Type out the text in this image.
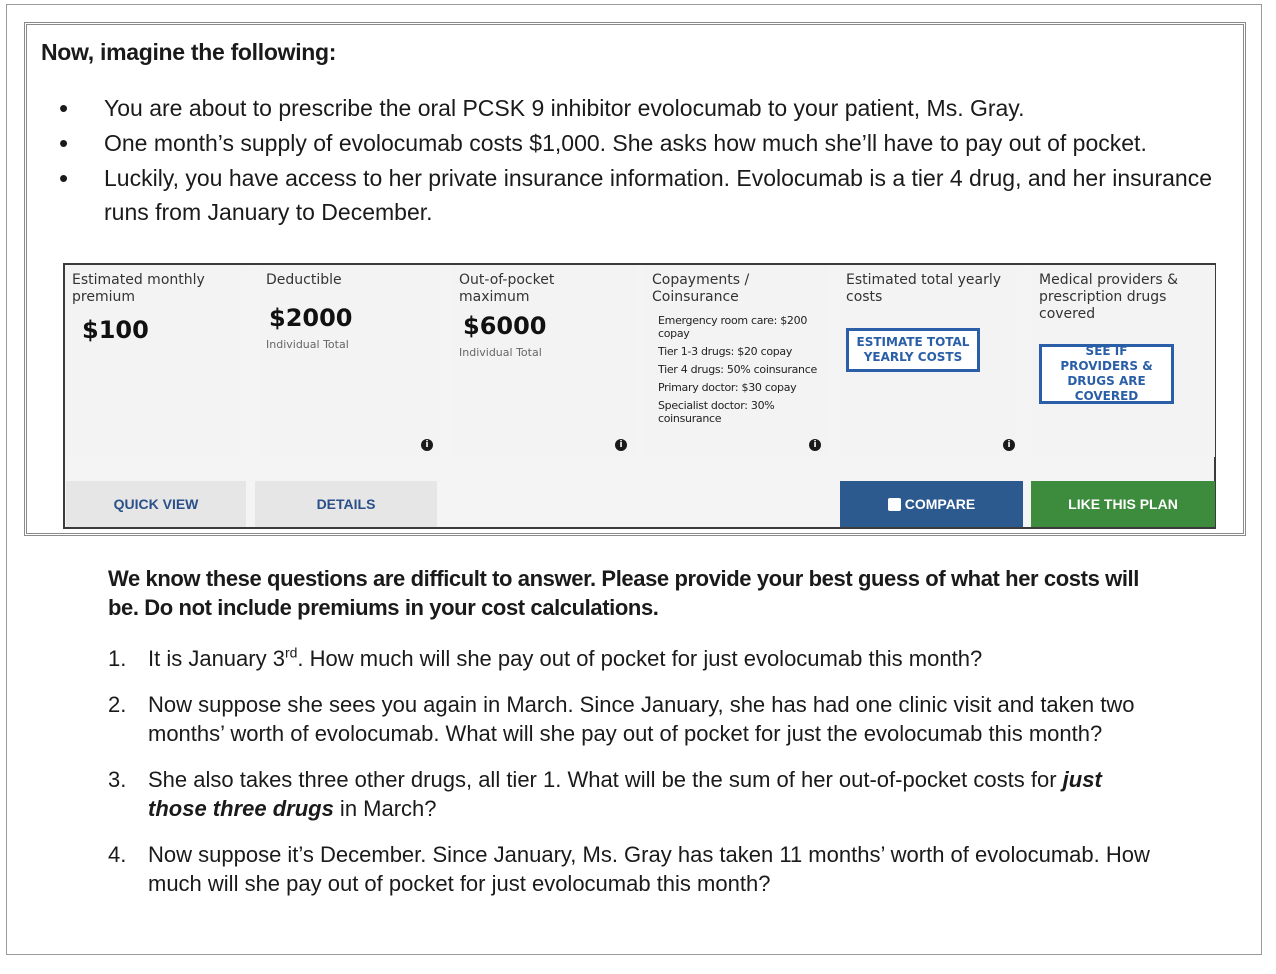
Now, imagine the following:
• You are about to prescribe the oral PCSK 9 inhibitor evolocumab to your patient, Ms. Gray.
• One month’s supply of evolocumab costs $1,000. She asks how much she’ll have to pay out of pocket.
• Luckily, you have access to her private insurance information. Evolocumab is a tier 4 drug, and her insurance runs from January to December.

Estimated monthly premium

$100

Deductible

$2000

Individual Total

i

Out-of-pocket maximum

$6000

Individual Total

i

Copayments / Coinsurance

Emergency room care: $200 copay
Tier 1-3 drugs: $20 copay
Tier 4 drugs: 50% coinsurance
Primary doctor: $30 copay
Specialist doctor: 30% coinsurance
i

Estimated total yearly costs

ESTIMATE TOTAL YEARLY COSTS
i

Medical providers & prescription drugs covered

SEE IF PROVIDERS & DRUGS ARE COVERED
QUICK VIEW	DETAILS	COMPARE	LIKE THIS PLAN

We know these questions are difficult to answer. Please provide your best guess of what her costs will be. Do not include premiums in your cost calculations.

1. It is January 3rd. How much will she pay out of pocket for just evolocumab this month?
2. Now suppose she sees you again in March. Since January, she has had one clinic visit and taken two months’ worth of evolocumab. What will she pay out of pocket for just the evolocumab this month?
3. She also takes three other drugs, all tier 1. What will be the sum of her out-of-pocket costs for just those three drugs in March?
4. Now suppose it’s December. Since January, Ms. Gray has taken 11 months’ worth of evolocumab. How much will she pay out of pocket for just evolocumab this month?
